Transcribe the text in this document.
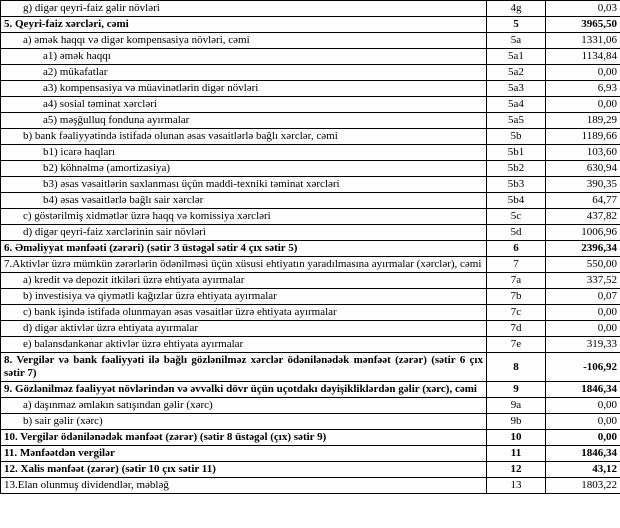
g) digər qeyri-faiz gəlir növləri	4g	0,03
5. Qeyri-faiz xərcləri, cəmi	5	3965,50
a) əmək haqqı və digər kompensasiya növləri, cəmi	5a	1331,06
a1) əmək haqqı	5a1	1134,84
a2) mükafatlar	5a2	0,00
a3) kompensasiya və müavinətlərin digər növləri	5a3	6,93
a4) sosial təminat xərcləri	5a4	0,00
a5) məşğulluq fonduna ayırmalar	5a5	189,29
b) bank fəaliyyətində istifadə olunan əsas vəsaitlərlə bağlı xərclər, cəmi	5b	1189,66
b1) icarə haqları	5b1	103,60
b2) köhnəlmə (amortizasiya)	5b2	630,94
b3) əsas vəsaitlərin saxlanması üçün maddi-texniki təminat xərcləri	5b3	390,35
b4) əsas vəsaitlərlə bağlı sair xərclər	5b4	64,77
c) göstərilmiş xidmətlər üzrə haqq və komissiya xərcləri	5c	437,82
d) digər qeyri-faiz xərclərinin sair növləri	5d	1006,96
6. Əməliyyat mənfəəti (zərəri) (sətir 3 üstəgəl sətir 4 çıx sətir 5)	6	2396,34
7.Aktivlər üzrə mümkün zərərlərin ödənilməsi üçün xüsusi ehtiyatın yaradılmasına ayırmalar (xərclər), cəmi	7	550,00
a) kredit və depozit itkiləri üzrə ehtiyata ayırmalar	7a	337,52
b) investisiya və qiymətli kağızlar üzrə ehtiyata ayırmalar	7b	0,07
c) bank işində istifadə olunmayan əsas vəsaitlər üzrə ehtiyata ayırmalar	7c	0,00
d) digər aktivlər üzrə ehtiyata ayırmalar	7d	0,00
e) balansdankənar aktivlər üzrə ehtiyata ayırmalar	7e	319,33
8. Vergilər və bank fəaliyyəti ilə bağlı gözlənilməz xərclər ödənilənədək mənfəət (zərər) (sətir 6 çıx sətir 7)	8	-106,92
9. Gözlənilməz fəaliyyət növlərindən və əvvəlki dövr üçün uçotdakı dəyişikliklərdən gəlir (xərc), cəmi	9	1846,34
a) daşınmaz əmlakın satışından gəlir (xərc)	9a	0,00
b) sair gəlir (xərc)	9b	0,00
10. Vergilər ödənilənədək mənfəət (zərər) (sətir 8 üstəgəl (çıx) sətir 9)	10	0,00
11. Mənfəətdən vergilər	11	1846,34
12. Xalis mənfəət (zərər) (sətir 10 çıx sətir 11)	12	43,12
13.Elan olunmuş dividendlər, məbləğ	13	1803,22
